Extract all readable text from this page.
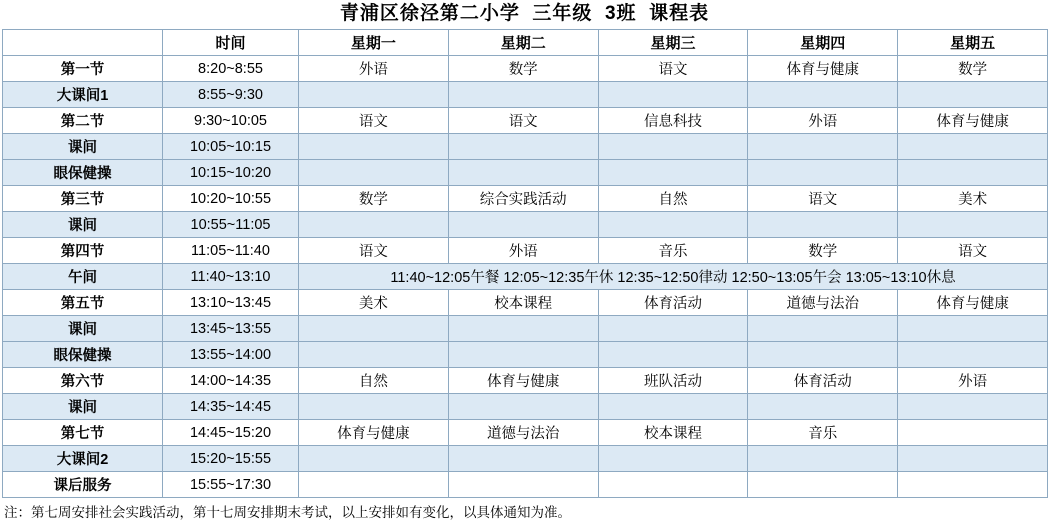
青浦区徐泾第二小学  三年级  3班  课程表
	时间	星期一	星期二	星期三	星期四	星期五
第一节	8:20~8:55	外语	数学	语文	体育与健康	数学
大课间1	8:55~9:30					
第二节	9:30~10:05	语文	语文	信息科技	外语	体育与健康
课间	10:05~10:15					
眼保健操	10:15~10:20					
第三节	10:20~10:55	数学	综合实践活动	自然	语文	美术
课间	10:55~11:05					
第四节	11:05~11:40	语文	外语	音乐	数学	语文
午间	11:40~13:10	11:40~12:05午餐 12:05~12:35午休 12:35~12:50律动 12:50~13:05午会 13:05~13:10休息				
第五节	13:10~13:45	美术	校本课程	体育活动	道德与法治	体育与健康
课间	13:45~13:55					
眼保健操	13:55~14:00					
第六节	14:00~14:35	自然	体育与健康	班队活动	体育活动	外语
课间	14:35~14:45					
第七节	14:45~15:20	体育与健康	道德与法治	校本课程	音乐	
大课间2	15:20~15:55					
课后服务	15:55~17:30					
注：第七周安排社会实践活动，第十七周安排期末考试，以上安排如有变化，以具体通知为准。
